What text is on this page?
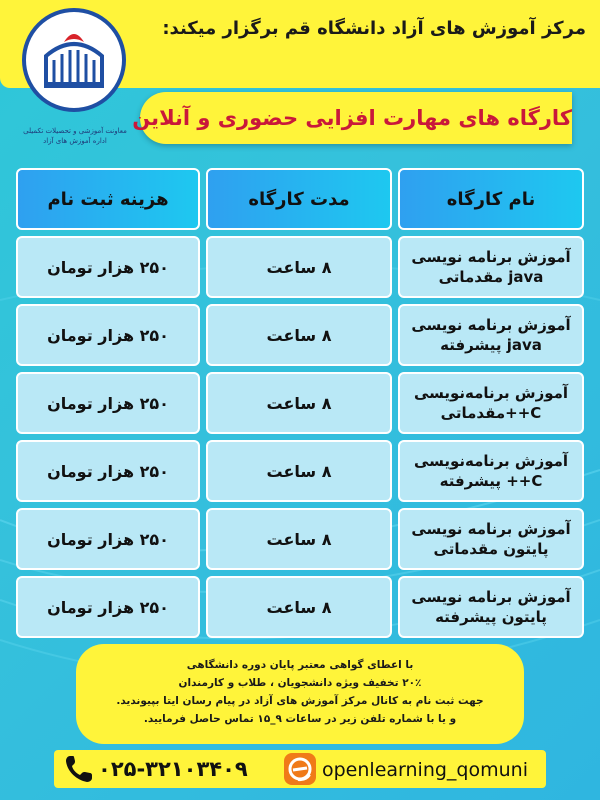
مرکز آموزش های آزاد دانشگاه قم برگزار میکند:
معاونت آموزشی و تحصیلات تکمیلی
اداره آموزش های آزاد
کارگاه های مهارت افزایی حضوری و آنلاین
نام کارگاه
مدت کارگاه
هزینه ثبت نام
آموزش برنامه نویسی java مقدماتی
۸ ساعت
۲۵۰ هزار تومان
آموزش برنامه نویسی java پیشرفته
۸ ساعت
۲۵۰ هزار تومان
آموزش برنامه‌نویسی C++مقدماتی
۸ ساعت
۲۵۰ هزار تومان
آموزش برنامه‌نویسی C++ پیشرفته
۸ ساعت
۲۵۰ هزار تومان
آموزش برنامه نویسی پایتون مقدماتی
۸ ساعت
۲۵۰ هزار تومان
آموزش برنامه نویسی پایتون پیشرفته
۸ ساعت
۲۵۰ هزار تومان
با اعطای گواهی معتبر پایان دوره دانشگاهی
۲۰٪ تخفیف ویژه دانشجویان ، طلاب و کارمندان
جهت ثبت نام به کانال مرکز آموزش های آزاد در پیام رسان ایتا بپیوندید.
و یا با شماره تلفن زیر در ساعات ۹_۱۵ تماس حاصل فرمایید.
۰۲۵-۳۲۱۰۳۴۰۹	openlearning_qomuni
